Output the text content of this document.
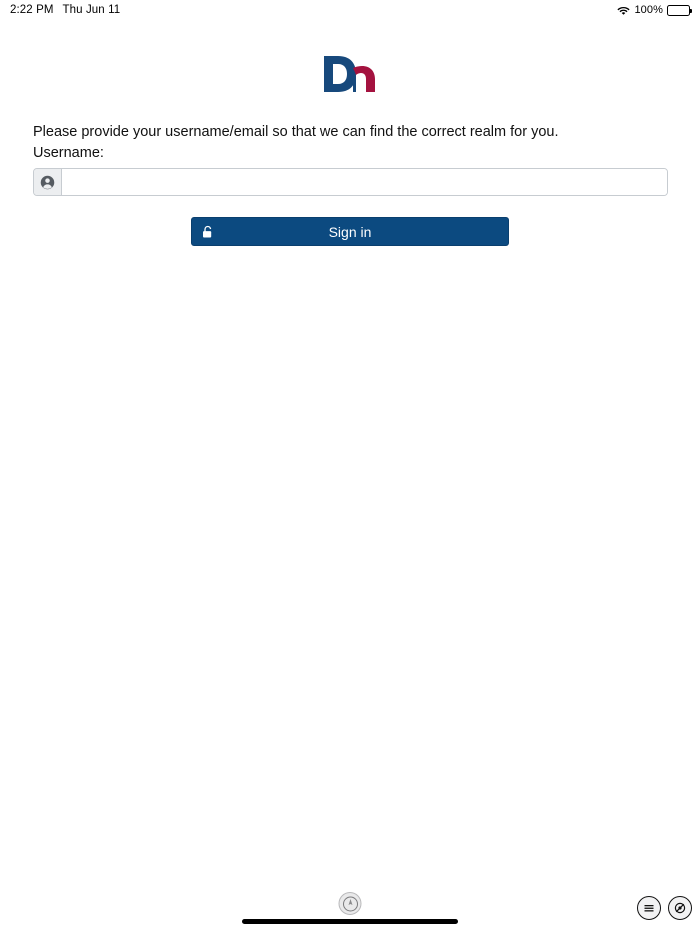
2:22 PM Thu Jun 11	100%

Please provide your username/email so that we can find the correct realm for you.

Username:

Sign in
